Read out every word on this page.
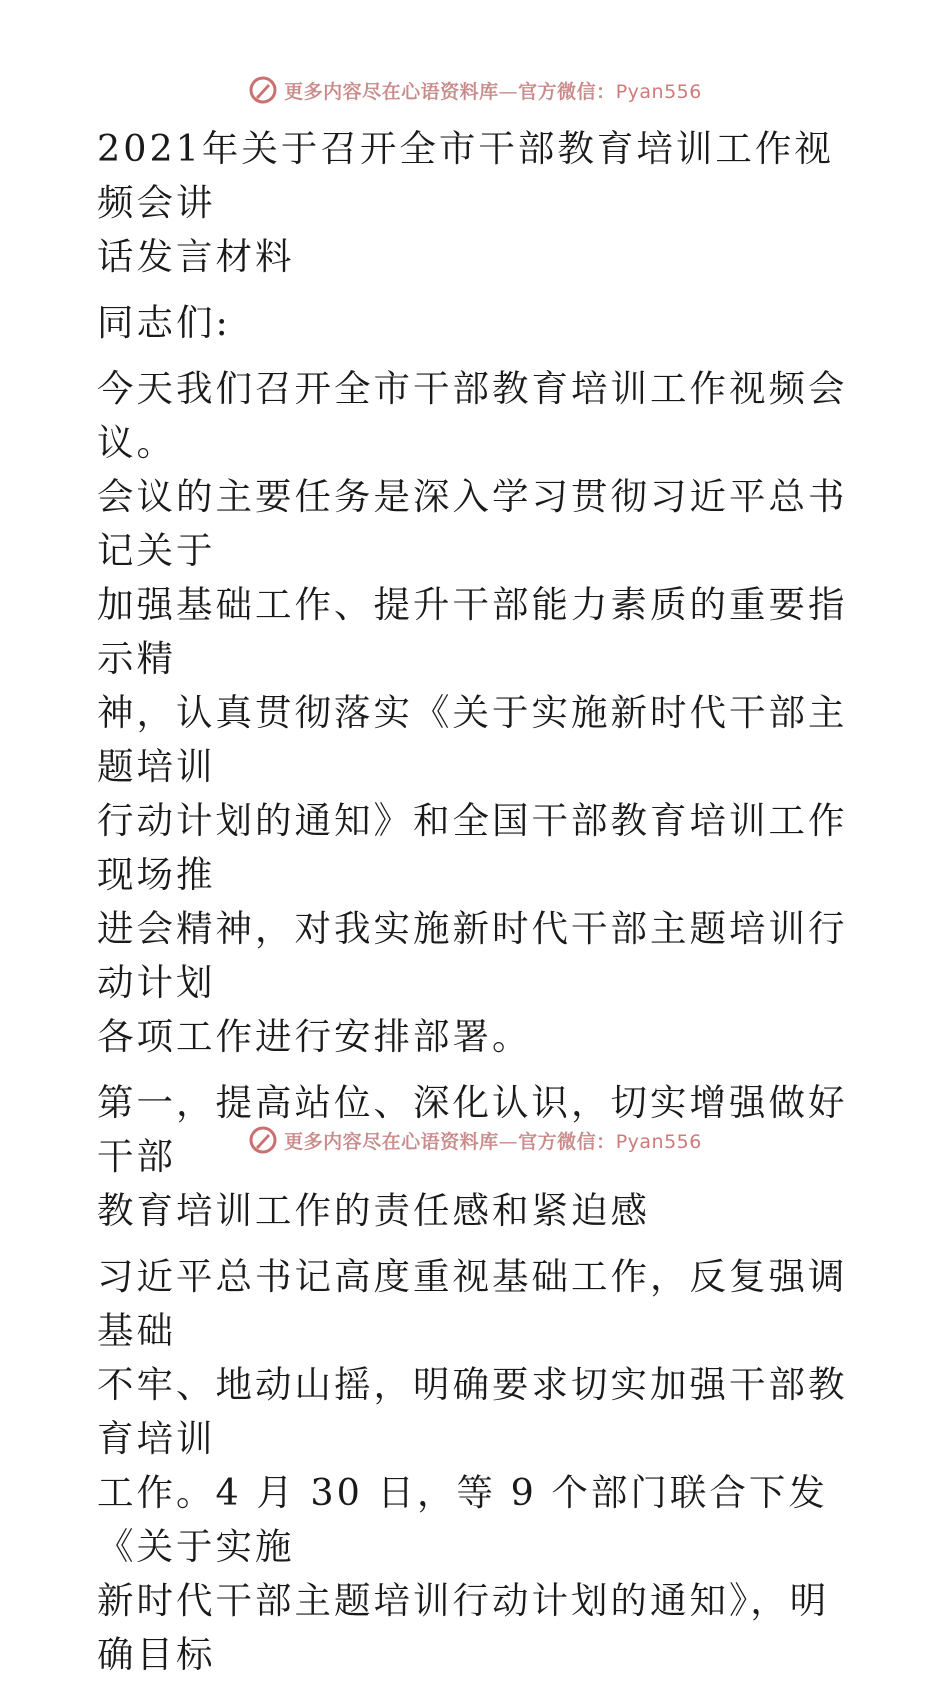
更多内容尽在心语资料库—官方微信：Pyan556

2021年关于召开全市干部教育培训工作视频会讲
话发言材料

同志们:

今天我们召开全市干部教育培训工作视频会议。
会议的主要任务是深入学习贯彻习近平总书记关于
加强基础工作、提升干部能力素质的重要指示精
神，认真贯彻落实《关于实施新时代干部主题培训
行动计划的通知》和全国干部教育培训工作现场推
进会精神，对我实施新时代干部主题培训行动计划
各项工作进行安排部署。

第一，提高站位、深化认识，切实增强做好干部
教育培训工作的责任感和紧迫感

习近平总书记高度重视基础工作，反复强调基础
不牢、地动山摇，明确要求切实加强干部教育培训
工作。4 月 30 日，等 9 个部门联合下发《关于实施
新时代干部主题培训行动计划的通知》，明确目标

更多内容尽在心语资料库—官方微信：Pyan556
